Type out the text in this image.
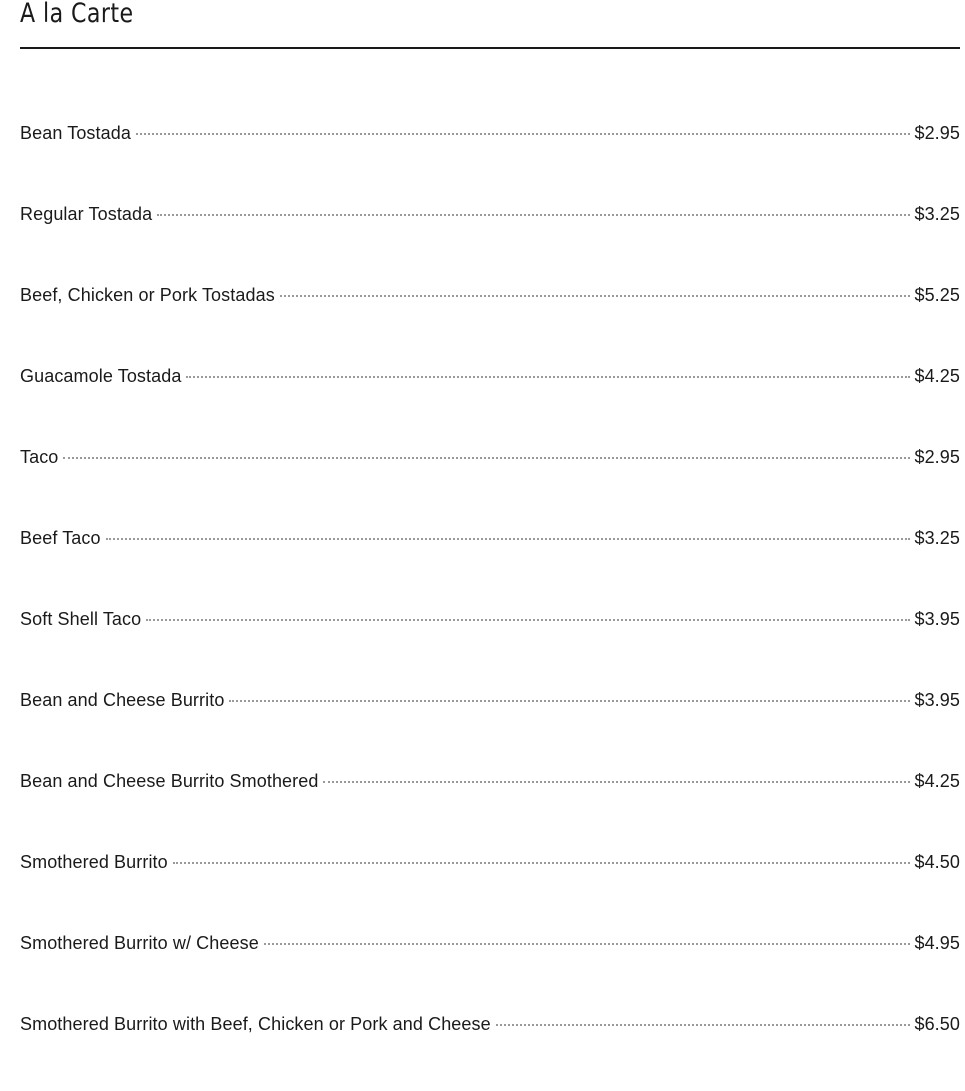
A la Carte
Bean Tostada	$2.95
Regular Tostada	$3.25
Beef, Chicken or Pork Tostadas	$5.25
Guacamole Tostada	$4.25
Taco	$2.95
Beef Taco	$3.25
Soft Shell Taco	$3.95
Bean and Cheese Burrito	$3.95
Bean and Cheese Burrito Smothered	$4.25
Smothered Burrito	$4.50
Smothered Burrito w/ Cheese	$4.95
Smothered Burrito with Beef, Chicken or Pork and Cheese	$6.50
